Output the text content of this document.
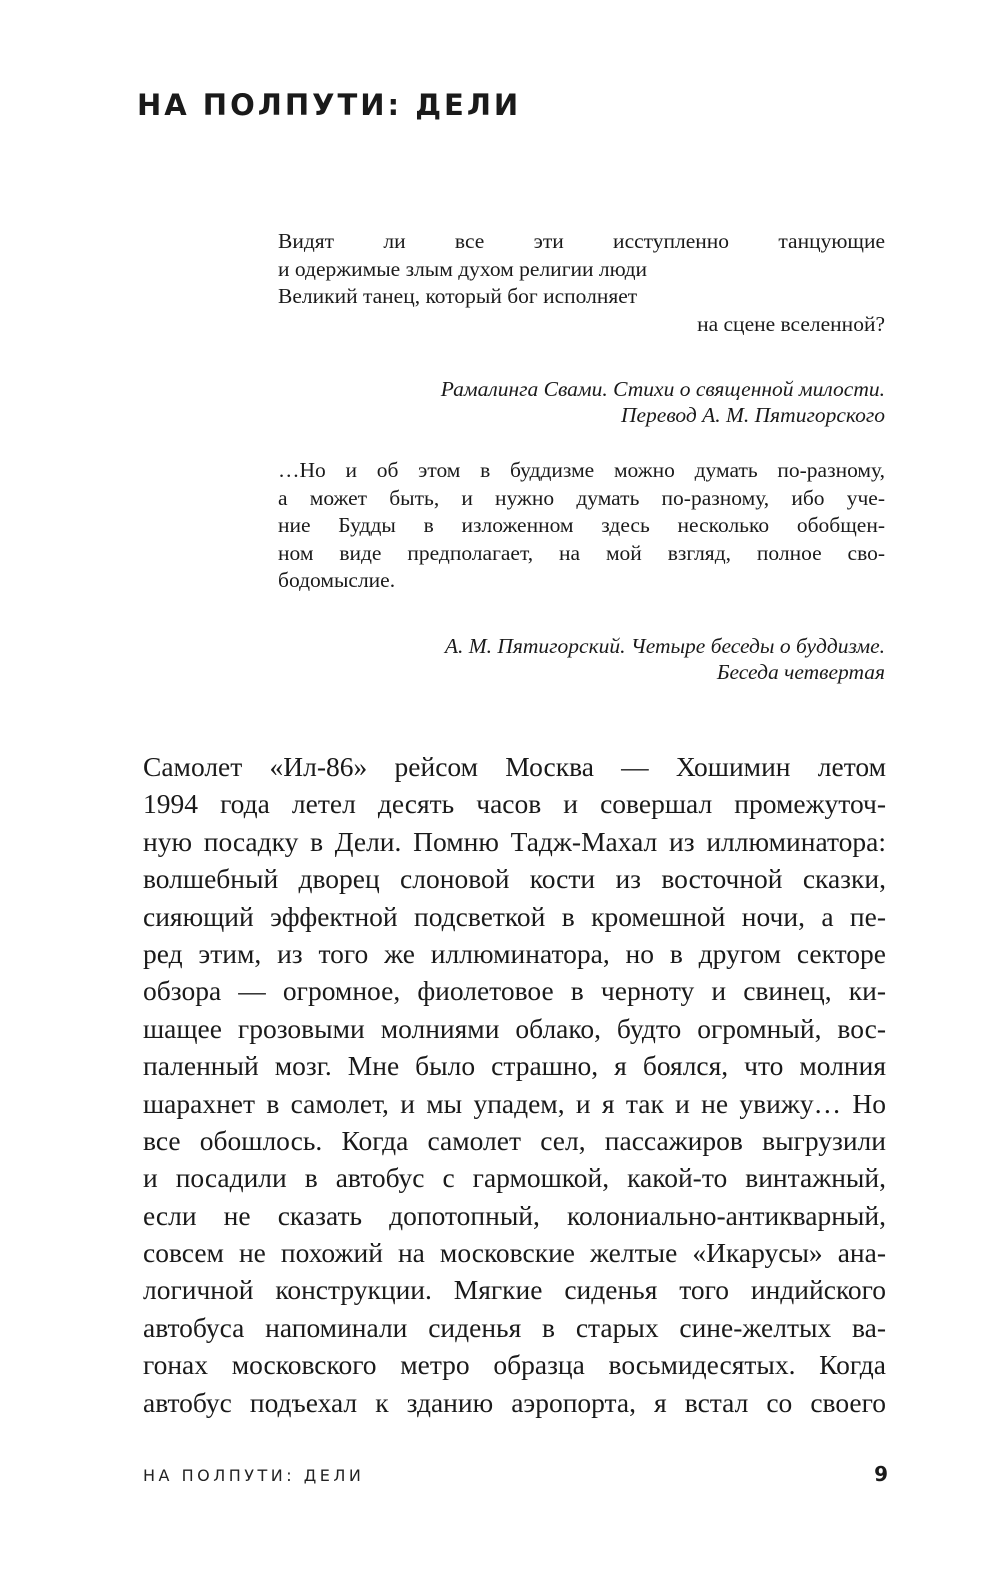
НА ПОЛПУТИ: ДЕЛИ
Видят ли все эти исступленно танцующие
и одержимые злым духом религии люди
Великий танец, который бог исполняет
на сцене вселенной?
Рамалинга Свами. Стихи о священной милости.
Перевод А. М. Пятигорского
…Но и об этом в буддизме можно думать по-разному,
а может быть, и нужно думать по-разному, ибо уче-
ние Будды в изложенном здесь несколько обобщен-
ном виде предполагает, на мой взгляд, полное сво-
бодомыслие.
А. М. Пятигорский. Четыре беседы о буддизме.
Беседа четвертая
Самолет «Ил-86» рейсом Москва — Хошимин летом
1994 года летел десять часов и совершал промежуточ-
ную посадку в Дели. Помню Тадж-Махал из иллюминатора:
волшебный дворец слоновой кости из восточной сказки,
сияющий эффектной подсветкой в кромешной ночи, а пе-
ред этим, из того же иллюминатора, но в другом секторе
обзора — огромное, фиолетовое в черноту и свинец, ки-
шащее грозовыми молниями облако, будто огромный, вос-
паленный мозг. Мне было страшно, я боялся, что молния
шарахнет в самолет, и мы упадем, и я так и не увижу… Но
все обошлось. Когда самолет сел, пассажиров выгрузили
и посадили в автобус с гармошкой, какой-то винтажный,
если не сказать допотопный, колониально-антикварный,
совсем не похожий на московские желтые «Икарусы» ана-
логичной конструкции. Мягкие сиденья того индийского
автобуса напоминали сиденья в старых сине-желтых ва-
гонах московского метро образца восьмидесятых. Когда
автобус подъехал к зданию аэропорта, я встал со своего
НА ПОЛПУТИ: ДЕЛИ	9
